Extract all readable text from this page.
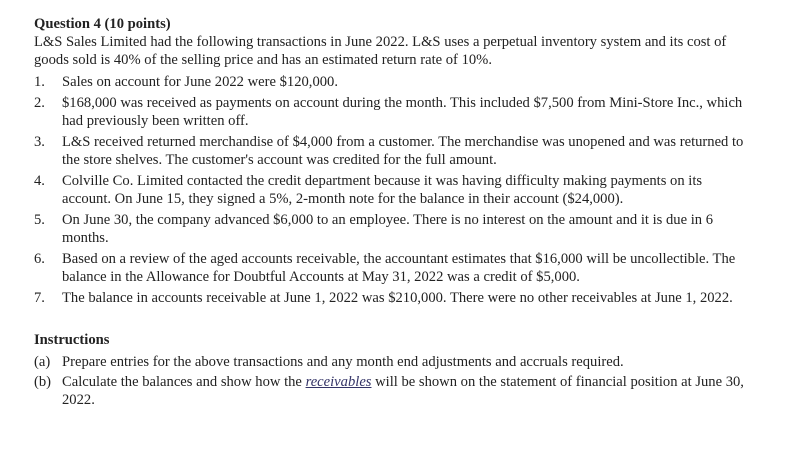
Question 4 (10 points)
L&S Sales Limited had the following transactions in June 2022. L&S uses a perpetual inventory system and its cost of goods sold is 40% of the selling price and has an estimated return rate of 10%.
1. Sales on account for June 2022 were $120,000.
2. $168,000 was received as payments on account during the month. This included $7,500 from Mini-Store Inc., which had previously been written off.
3. L&S received returned merchandise of $4,000 from a customer. The merchandise was unopened and was returned to the store shelves. The customer's account was credited for the full amount.
4. Colville Co. Limited contacted the credit department because it was having difficulty making payments on its account. On June 15, they signed a 5%, 2-month note for the balance in their account ($24,000).
5. On June 30, the company advanced $6,000 to an employee. There is no interest on the amount and it is due in 6 months.
6. Based on a review of the aged accounts receivable, the accountant estimates that $16,000 will be uncollectible. The balance in the Allowance for Doubtful Accounts at May 31, 2022 was a credit of $5,000.
7. The balance in accounts receivable at June 1, 2022 was $210,000. There were no other receivables at June 1, 2022.
Instructions
(a) Prepare entries for the above transactions and any month end adjustments and accruals required.
(b) Calculate the balances and show how the receivables will be shown on the statement of financial position at June 30, 2022.
